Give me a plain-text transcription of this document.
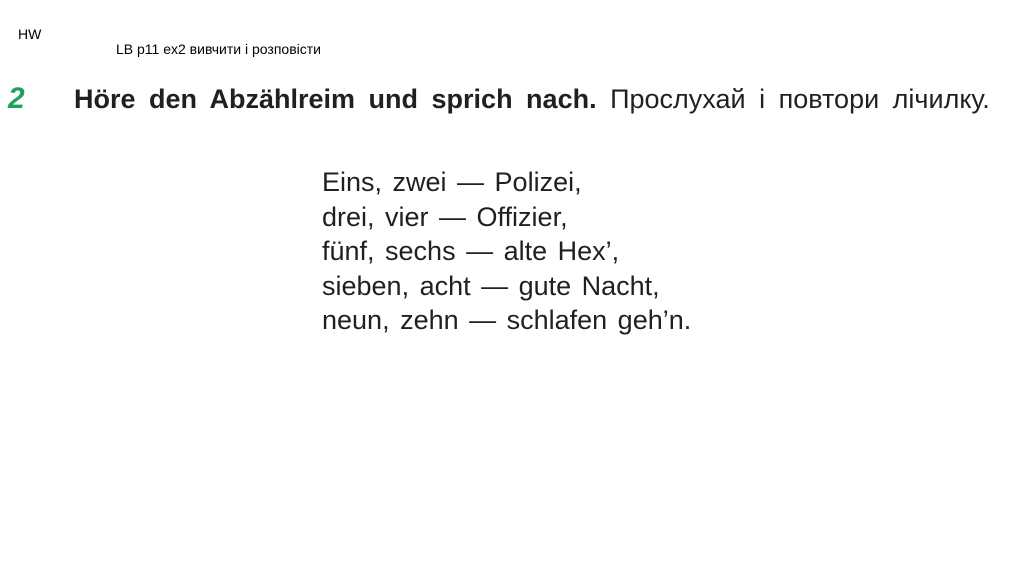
HW
LB p11 ex2 вивчити і розповісти
2 Höre den Abzählreim und sprich nach. Прослухай і повтори лічилку.
Eins, zwei — Polizei,
drei, vier — Offizier,
fünf, sechs — alte Hex’,
sieben, acht — gute Nacht,
neun, zehn — schlafen geh’n.
